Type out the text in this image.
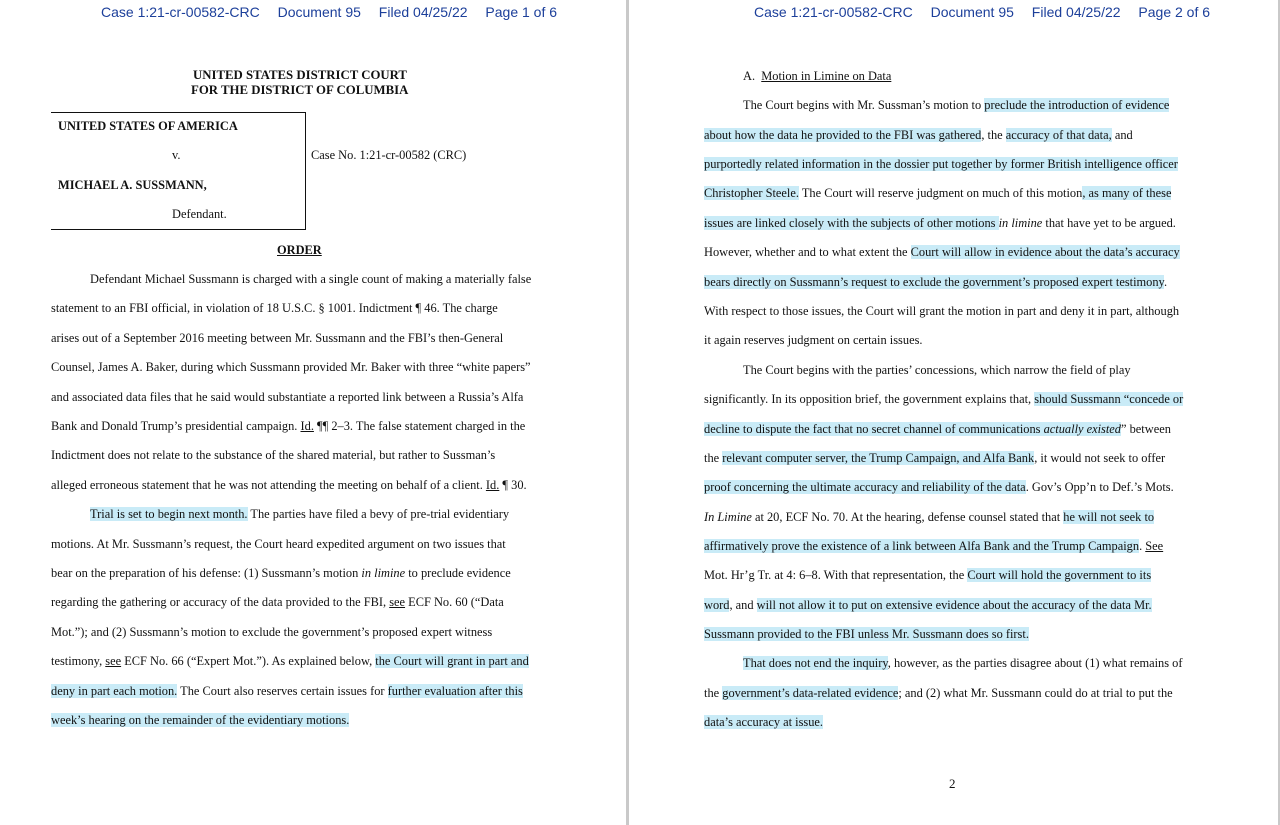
Case 1:21-cr-00582-CRC Document 95 Filed 04/25/22 Page 1 of 6
UNITED STATES DISTRICT COURT
FOR THE DISTRICT OF COLUMBIA
UNITED STATES OF AMERICA
v.
MICHAEL A. SUSSMANN,
Defendant.
Case No. 1:21-cr-00582 (CRC)
ORDER
Defendant Michael Sussmann is charged with a single count of making a materially false
statement to an FBI official, in violation of 18 U.S.C. § 1001. Indictment ¶ 46. The charge
arises out of a September 2016 meeting between Mr. Sussmann and the FBI’s then-General
Counsel, James A. Baker, during which Sussmann provided Mr. Baker with three “white papers”
and associated data files that he said would substantiate a reported link between a Russia’s Alfa
Bank and Donald Trump’s presidential campaign. Id. ¶¶ 2–3. The false statement charged in the
Indictment does not relate to the substance of the shared material, but rather to Sussman’s
alleged erroneous statement that he was not attending the meeting on behalf of a client. Id. ¶ 30.
Trial is set to begin next month. The parties have filed a bevy of pre-trial evidentiary
motions. At Mr. Sussmann’s request, the Court heard expedited argument on two issues that
bear on the preparation of his defense: (1) Sussmann’s motion in limine to preclude evidence
regarding the gathering or accuracy of the data provided to the FBI, see ECF No. 60 (“Data
Mot.”); and (2) Sussmann’s motion to exclude the government’s proposed expert witness
testimony, see ECF No. 66 (“Expert Mot.”). As explained below, the Court will grant in part and
deny in part each motion. The Court also reserves certain issues for further evaluation after this
week’s hearing on the remainder of the evidentiary motions.
Case 1:21-cr-00582-CRC Document 95 Filed 04/25/22 Page 2 of 6
A. Motion in Limine on Data
The Court begins with Mr. Sussman’s motion to preclude the introduction of evidence
about how the data he provided to the FBI was gathered, the accuracy of that data, and
purportedly related information in the dossier put together by former British intelligence officer
Christopher Steele. The Court will reserve judgment on much of this motion, as many of these
issues are linked closely with the subjects of other motions in limine that have yet to be argued.
However, whether and to what extent the Court will allow in evidence about the data’s accuracy
bears directly on Sussmann’s request to exclude the government’s proposed expert testimony.
With respect to those issues, the Court will grant the motion in part and deny it in part, although
it again reserves judgment on certain issues.
The Court begins with the parties’ concessions, which narrow the field of play
significantly. In its opposition brief, the government explains that, should Sussmann “concede or
decline to dispute the fact that no secret channel of communications actually existed” between
the relevant computer server, the Trump Campaign, and Alfa Bank, it would not seek to offer
proof concerning the ultimate accuracy and reliability of the data. Gov’s Opp’n to Def.’s Mots.
In Limine at 20, ECF No. 70. At the hearing, defense counsel stated that he will not seek to
affirmatively prove the existence of a link between Alfa Bank and the Trump Campaign. See
Mot. Hr’g Tr. at 4: 6–8. With that representation, the Court will hold the government to its
word, and will not allow it to put on extensive evidence about the accuracy of the data Mr.
Sussmann provided to the FBI unless Mr. Sussmann does so first.
That does not end the inquiry, however, as the parties disagree about (1) what remains of
the government’s data-related evidence; and (2) what Mr. Sussmann could do at trial to put the
data’s accuracy at issue.
2
